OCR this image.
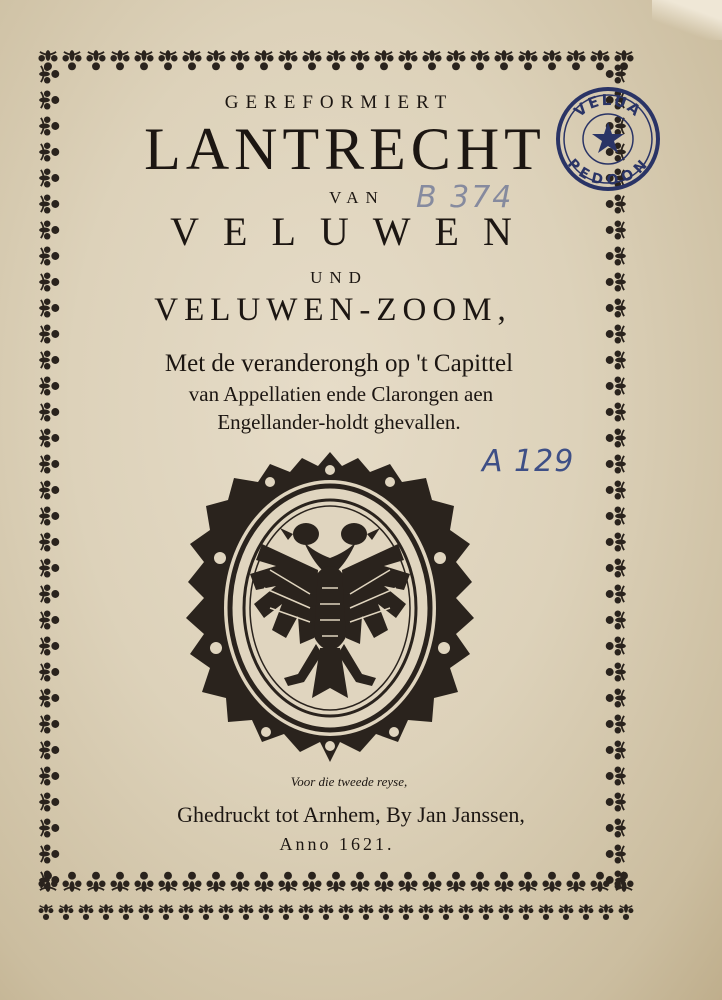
GEREFORMIERT
LANTRECHT
VAN
VELUWEN
UND
VELUWEN-ZOOM,
Met de veranderongh op 't Capittel
van Appellatien ende Clarongen aen
Engellander-holdt ghevallen.
B 374
A 129
VELUA
PEDOON
Voor die tweede reyse,
Ghedruckt tot Arnhem, By Jan Janssen,
Anno 1621.
